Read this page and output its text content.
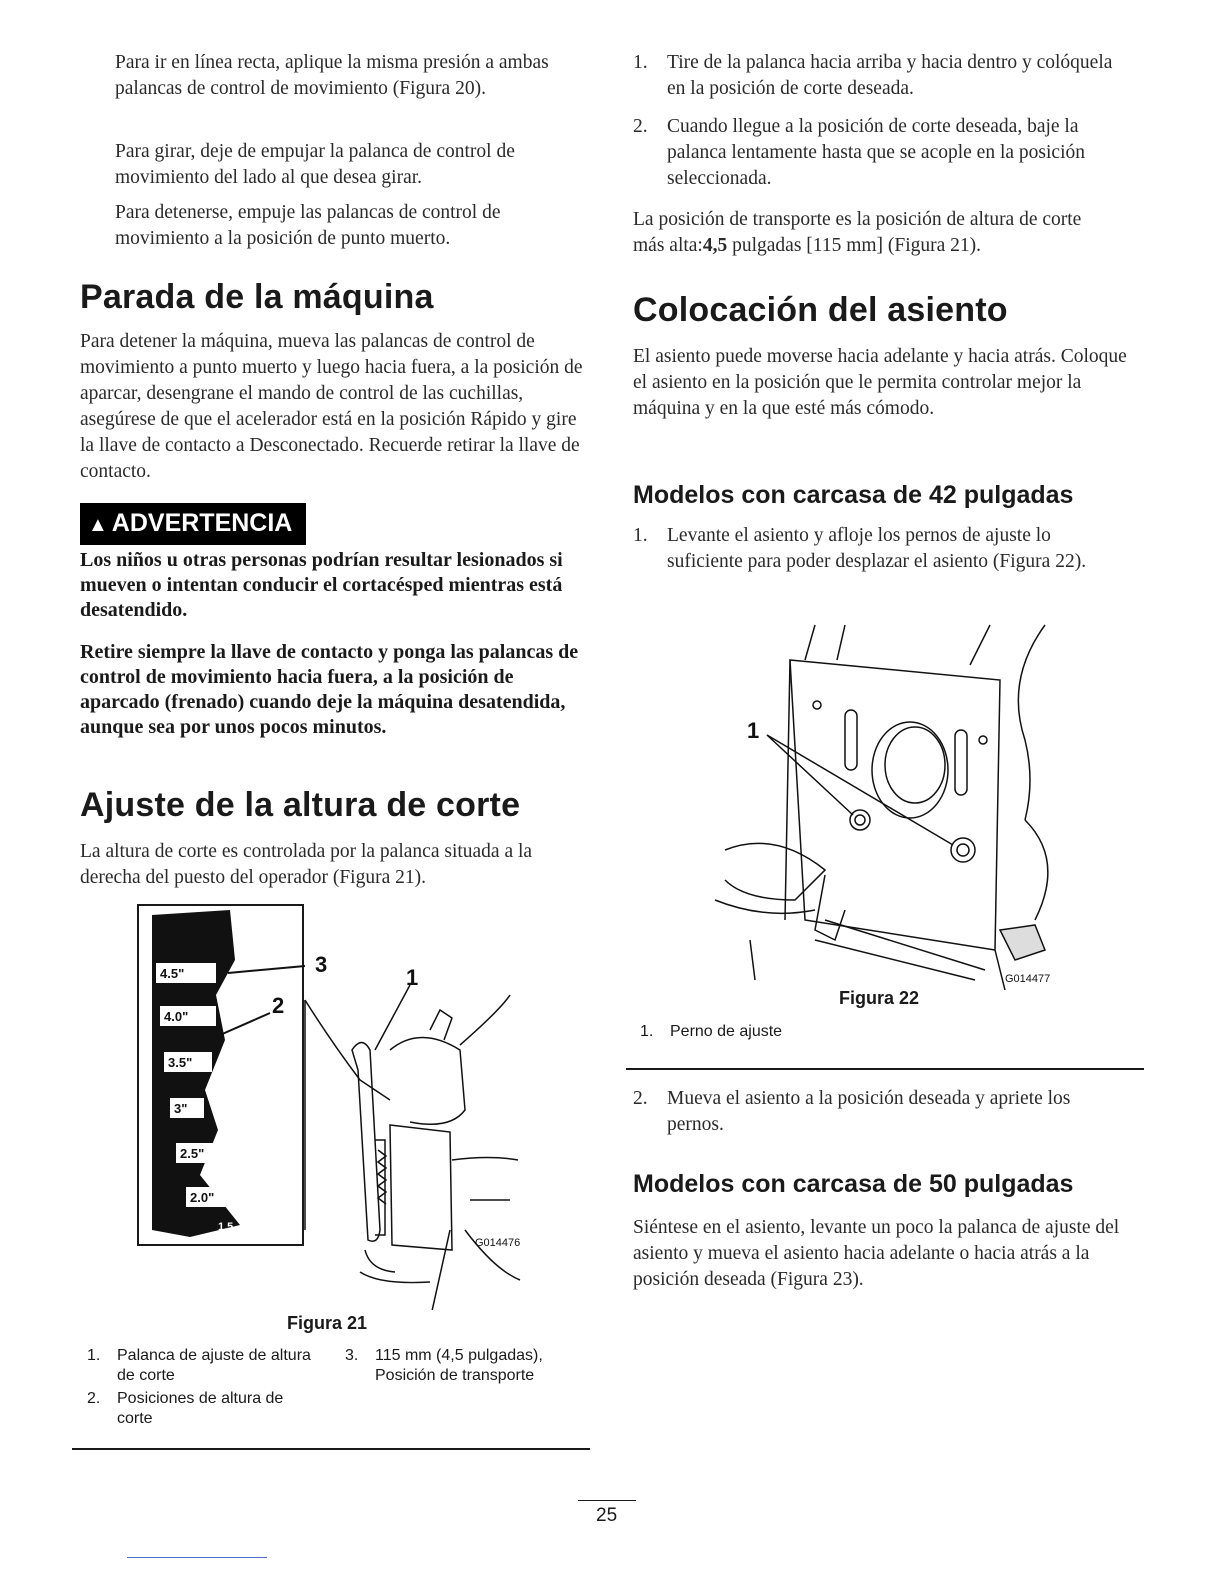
Para ir en línea recta, aplique la misma presión a ambas palancas de control de movimiento (Figura 20).

Para girar, deje de empujar la palanca de control de movimiento del lado al que desea girar.

Para detenerse, empuje las palancas de control de movimiento a la posición de punto muerto.

Parada de la máquina

Para detener la máquina, mueva las palancas de control de movimiento a punto muerto y luego hacia fuera, a la posición de aparcar, desengrane el mando de control de las cuchillas, asegúrese de que el acelerador está en la posición Rápido y gire la llave de contacto a Desconectado. Recuerde retirar la llave de contacto.

▲ ADVERTENCIA

Los niños u otras personas podrían resultar lesionados si mueven o intentan conducir el cortacésped mientras está desatendido.

Retire siempre la llave de contacto y ponga las palancas de control de movimiento hacia fuera, a la posición de aparcado (frenado) cuando deje la máquina desatendida, aunque sea por unos pocos minutos.

Ajuste de la altura de corte

La altura de corte es controlada por la palanca situada a la derecha del puesto del operador (Figura 21).

4.5"
4.0"
3.5"
3"
2.5"
2.0"
1.5
3
2
1
G014476
Figura 21
1.	Palanca de ajuste de altura de corte
2.	Posiciones de altura de corte
3.	115 mm (4,5 pulgadas), Posición de transporte
1. Tire de la palanca hacia arriba y hacia dentro y colóquela en la posición de corte deseada.
2. Cuando llegue a la posición de corte deseada, baje la palanca lentamente hasta que se acople en la posición seleccionada.

La posición de transporte es la posición de altura de corte más alta:4,5 pulgadas [115 mm] (Figura 21).

Colocación del asiento

El asiento puede moverse hacia adelante y hacia atrás. Coloque el asiento en la posición que le permita controlar mejor la máquina y en la que esté más cómodo.

Modelos con carcasa de 42 pulgadas
1. Levante el asiento y afloje los pernos de ajuste lo suficiente para poder desplazar el asiento (Figura 22).
1
G014477
Figura 22
1.	Perno de ajuste
2. Mueva el asiento a la posición deseada y apriete los pernos.
Modelos con carcasa de 50 pulgadas

Siéntese en el asiento, levante un poco la palanca de ajuste del asiento y mueva el asiento hacia adelante o hacia atrás a la posición deseada (Figura 23).

25
